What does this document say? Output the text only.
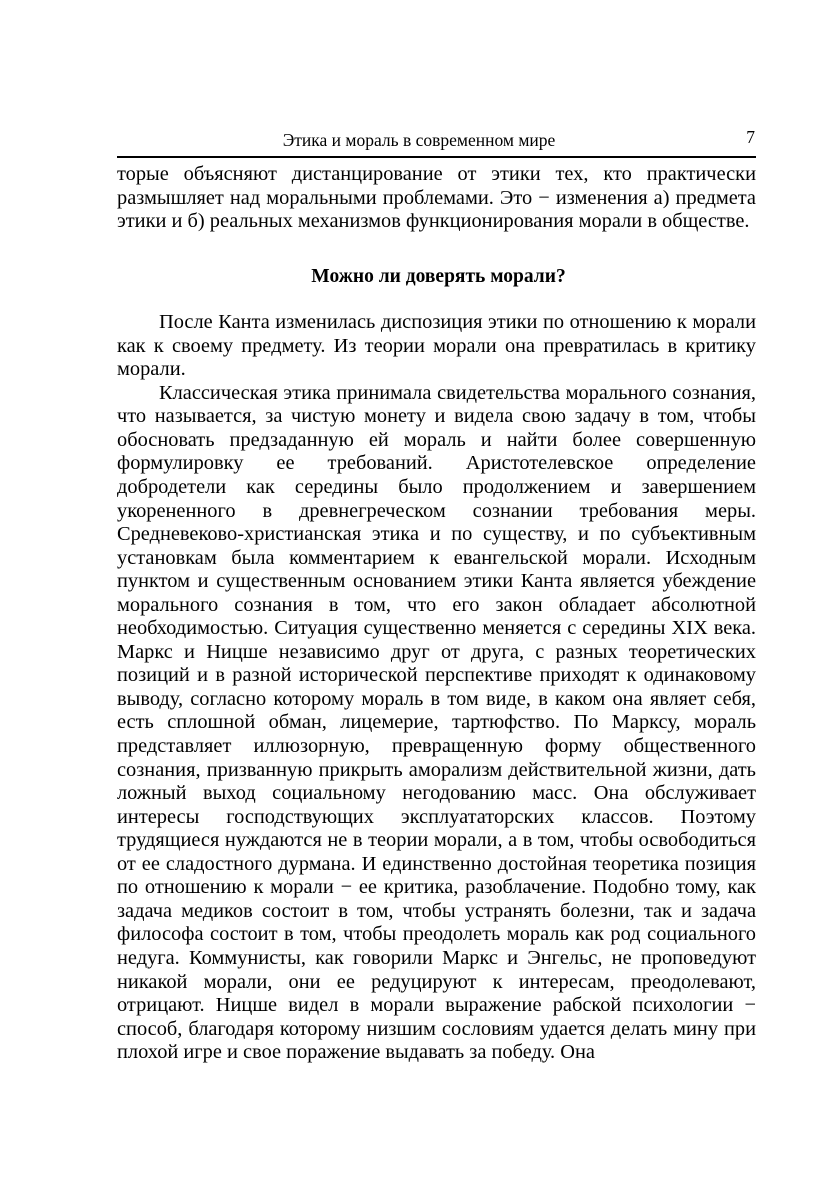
Этика и мораль в современном мире	7

торые объясняют дистанцирование от этики тех, кто практически размышляет над моральными проблемами. Это − изменения а) предмета этики и б) реальных механизмов функционирования морали в обществе.

Можно ли доверять морали?

После Канта изменилась диспозиция этики по отношению к морали как к своему предмету. Из теории морали она превратилась в критику морали.

Классическая этика принимала свидетельства морального сознания, что называется, за чистую монету и видела свою задачу в том, чтобы обосновать предзаданную ей мораль и найти более совершенную формулировку ее требований. Аристотелевское определение добродетели как середины было продолжением и завершением укорененного в древнегреческом сознании требования меры. Средневеково-христианская этика и по существу, и по субъективным установкам была комментарием к евангельской морали. Исходным пунктом и существенным основанием этики Канта является убеждение морального сознания в том, что его закон обладает абсолютной необходимостью. Ситуация существенно меняется с середины XIX века. Маркс и Ницше независимо друг от друга, с разных теоретических позиций и в разной исторической перспективе приходят к одинаковому выводу, согласно которому мораль в том виде, в каком она являет себя, есть сплошной обман, лицемерие, тартюфство. По Марксу, мораль представляет иллюзорную, превращенную форму общественного сознания, призванную прикрыть аморализм действительной жизни, дать ложный выход социальному негодованию масс. Она обслуживает интересы господствующих эксплуататорских классов. Поэтому трудящиеся нуждаются не в теории морали, а в том, чтобы освободиться от ее сладостного дурмана. И единственно достойная теоретика позиция по отношению к морали − ее критика, разоблачение. Подобно тому, как задача медиков состоит в том, чтобы устранять болезни, так и задача философа состоит в том, чтобы преодолеть мораль как род социального недуга. Коммунисты, как говорили Маркс и Энгельс, не проповедуют никакой морали, они ее редуцируют к интересам, преодолевают, отрицают. Ницше видел в морали выражение рабской психологии − способ, благодаря которому низшим сословиям удается делать мину при плохой игре и свое поражение выдавать за победу. Она
